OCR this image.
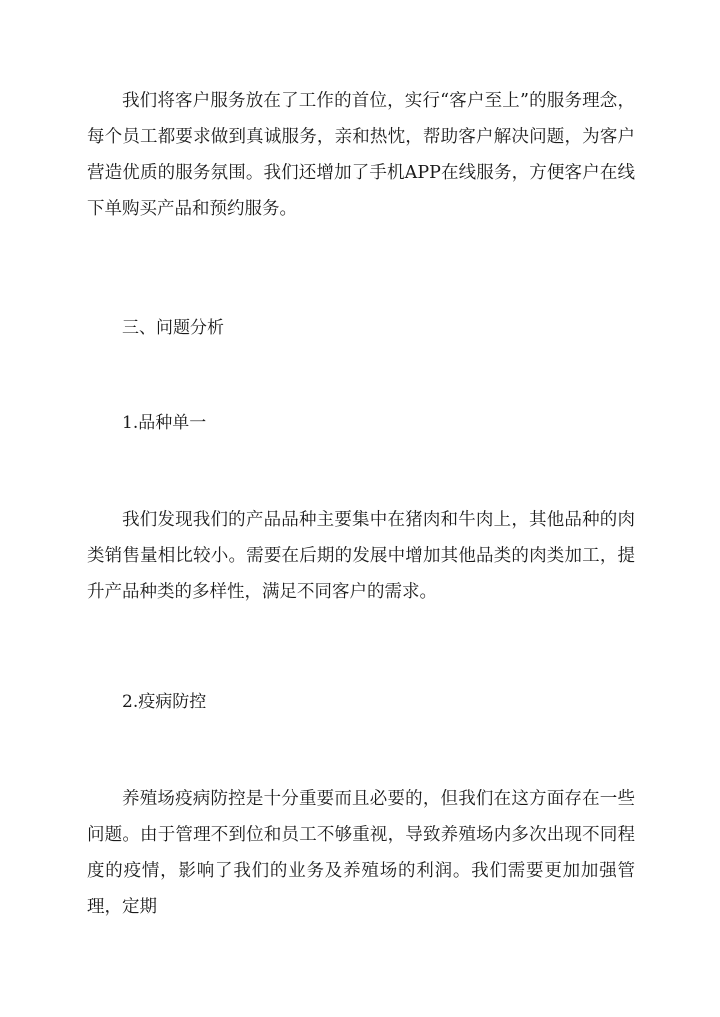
我们将客户服务放在了工作的首位，实行“客户至上”的服务理念，每个员工都要求做到真诚服务，亲和热忱，帮助客户解决问题，为客户营造优质的服务氛围。我们还增加了手机APP在线服务，方便客户在线下单购买产品和预约服务。

三、问题分析
1.品种单一

我们发现我们的产品品种主要集中在猪肉和牛肉上，其他品种的肉类销售量相比较小。需要在后期的发展中增加其他品类的肉类加工，提升产品种类的多样性，满足不同客户的需求。

2.疫病防控

养殖场疫病防控是十分重要而且必要的，但我们在这方面存在一些问题。由于管理不到位和员工不够重视，导致养殖场内多次出现不同程度的疫情，影响了我们的业务及养殖场的利润。我们需要更加加强管理，定期
